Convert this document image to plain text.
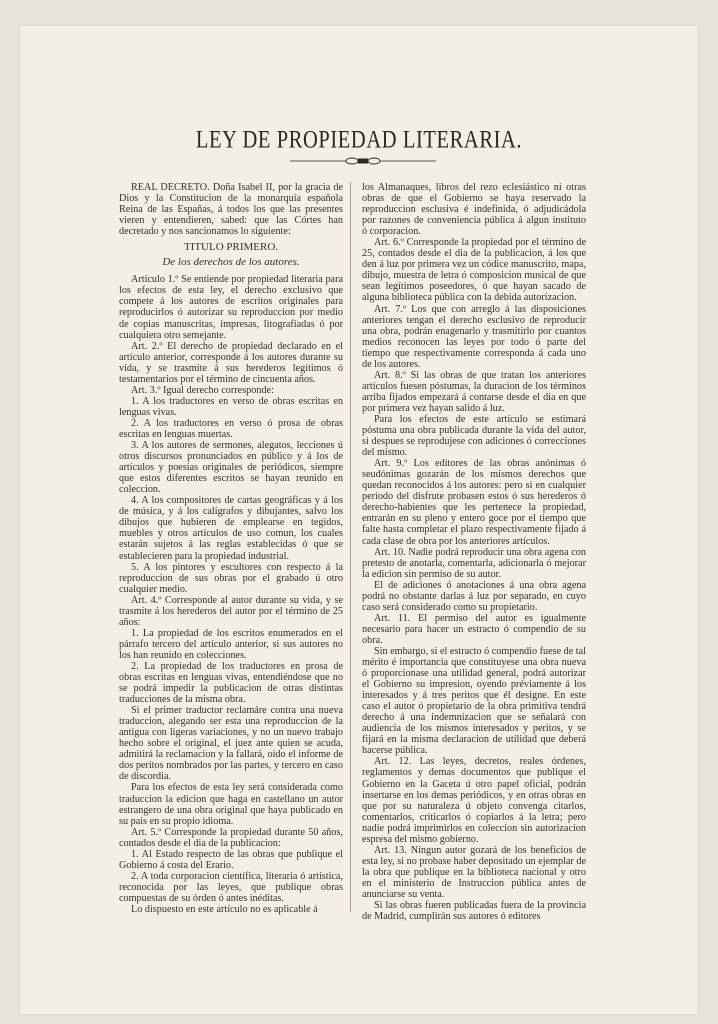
LEY DE PROPIEDAD LITERARIA.

REAL DECRETO. Doña Isabel II, por la gracia de Dios y la Constitucion de la monarquía española Reina de las Españas, á todos los que las presentes vieren y entendieren, sabed: que las Córtes han decretado y nos sancionamos lo siguiente:

TITULO PRIMERO.

De los derechos de los autores.

Artículo 1.º Se entiende por propiedad literaria para los efectos de esta ley, el derecho exclusivo que compete á los autores de escritos originales para reproducirlos ó autorizar su reproduccion por medio de copias manuscritas, impresas, litografiadas ó por cualquiera otro semejante.

Art. 2.º El derecho de propiedad declarado en el artículo anterior, corresponde á los autores durante su vida, y se trasmite á sus herederos legítimos ó testamentarios por el término de cincuenta años.

Art. 3.º Igual derecho corresponde:

1. A los traductores en verso de obras escritas en lenguas vivas.

2. A los traductores en verso ó prosa de obras escritas en lenguas muertas.

3. A los autores de sermones, alegatos, lecciones ú otros discursos pronunciados en público y á los de artículos y poesías originales de periódicos, siempre que estos diferentes escritos se hayan reunido en coleccion.

4. A los compositores de cartas geográficas y á los de música, y á los calígrafos y dibujantes, salvo los dibujos que hubieren de emplearse en tegidos, muebles y otros artículos de uso comun, los cuales estarán sujetos á las reglas establecidas ó que se establecieren para la propiedad industrial.

5. A los pintores y escultores con respecto á la reproduccion de sus obras por el grabado ú otro cualquier medio.

Art. 4.º Corresponde al autor durante su vida, y se trasmite á los herederos del autor por el término de 25 años:

1. La propiedad de los escritos enumerados en el párrafo tercero del artículo anterior, si sus autores no los han reunido en colecciones.

2. La propiedad de los traductores en prosa de obras escritas en lenguas vivas, entendiéndose que no se podrá impedir la publicacion de otras distintas traducciones de la misma obra.

Si el primer traductor reclamáre contra una nueva traduccion, alegando ser esta una reproduccion de la antigua con ligeras variaciones, y no un nuevo trabajo hecho sobre el original, el juez ante quien se acuda, admitirá la reclamacion y la fallará, oido el informe de dos peritos nombrados por las partes, y tercero en caso de discordia.

Para los efectos de esta ley será considerada como traduccion la edicion que haga en castellano un autor estrangero de una obra original que haya publicado en su pais en su propio idioma.

Art. 5.º Corresponde la propiedad durante 50 años, contados desde el dia de la publicacion:

1. Al Estado respecto de las obras que publique el Gobierno á costa del Erario.

2. A toda corporacion científica, literaria ó artística, reconocida por las leyes, que publique obras compuestas de su órden ó antes inéditas.

Lo dispuesto en este artículo no es aplicable á

los Almanaques, libros del rezo eclesiástico ni otras obras de que el Gobierno se haya reservado la reproduccion esclusiva é indefinida, ó adjudicádola por razones de conveniencia pública á algun instituto ó corporacion.

Art. 6.º Corresponde la propiedad por el término de 25, contados desde el dia de la publicacion, á los que den á luz por primera vez un códice manuscrito, mapa, dibujo, muestra de letra ó composicion musical de que sean legítimos poseedores, ó que hayan sacado de alguna biblioteca pública con la debida autorizacion.

Art. 7.º Los que con arreglo á las disposiciones anteriores tengan el derecho esclusivo de reproducir una obra, podrán enagenarlo y trasmitirlo por cuantos medios reconocen las leyes por todo ó parte del tiempo que respectivamente corresponda á cada uno de los autores.

Art. 8.º Si las obras de que tratan los anteriores artículos fuesen póstumas, la duracion de los términos arriba fijados empezará á contarse desde el dia en que por primera vez hayan salido á luz.

Para los efectos de este artículo se estimará póstuma una obra publicada durante la vida del autor, si despues se reprodujese con adiciones ó correcciones del mismo.

Art. 9.º Los editores de las obras anónimas ó seudónimas gozarán de los mismos derechos que quedan reconocidos á los autores: pero si en cualquier período del disfrute probasen estos ó sus herederos ó derecho-habientes que les pertenece la propiedad, entrarán en su pleno y entero goce por el tiempo que falte hasta completar el plazo respectivamente fijado á cada clase de obra por los anteriores artículos.

Art. 10. Nadie podrá reproducir una obra agena con pretesto de anotarla, comentarla, adicionarla ó mejorar la edicion sin permiso de su autor.

El de adiciones ó anotaciones á una obra agena podrá no obstante darlas á luz por separado, en cuyo caso será considerado como su propietario.

Art. 11. El permiso del autor es igualmente necesario para hacer un estracto ó compendio de su obra.

Sin embargo, si el estracto ó compendio fuese de tal mérito é importancia que constituyese una obra nueva ó proporcionase una utilidad general, podrá autorizar el Gobierno su impresion, oyendo préviamente á los interesados y á tres peritos que él designe. En este caso el autor ó propietario de la obra primitiva tendrá derecho á una indemnizacion que se señalará con audiencia de los mismos interesados y peritos, y se fijará en la misma declaracion de utilidad que deberá hacerse pública.

Art. 12. Las leyes, decretos, reales órdenes, reglamentos y demas documentos que publique el Gobierno en la Gaceta ú otro papel oficial, podrán insertarse en los demas periódicos, y en otras obras en que por su naturaleza ú objeto convenga citarlos, comentarlos, criticarlos ó copiarlos á la letra; pero nadie podrá imprimirlos en coleccion sin autorizacion espresa del mismo gobierno.

Art. 13. Ningun autor gozará de los beneficios de esta ley, si no probase haber depositado un ejemplar de la obra que publique en la biblioteca nacional y otro en el ministerio de Instruccion pública antes de anunciarse su venta.

Si las obras fueren publicadas fuera de la provincia de Madrid, cumplirán sus autores ó editores
